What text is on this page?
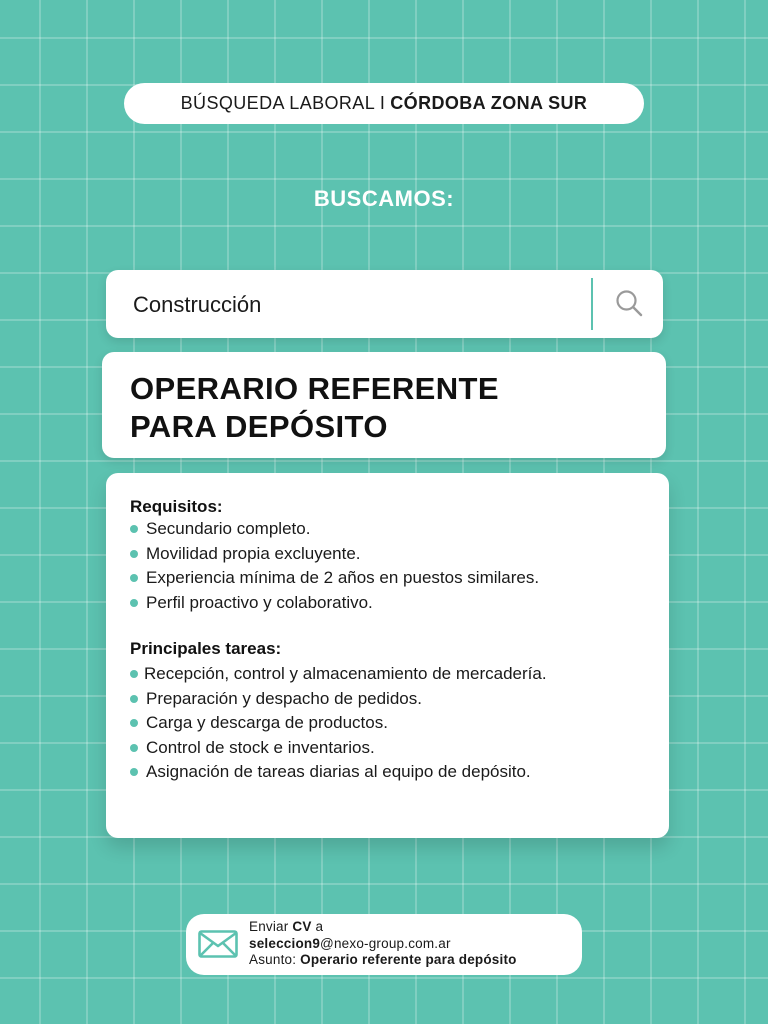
BÚSQUEDA LABORAL I CÓRDOBA ZONA SUR
BUSCAMOS:
Construcción
OPERARIO REFERENTE
PARA DEPÓSITO
Requisitos:
Secundario completo.
Movilidad propia excluyente.
Experiencia mínima de 2 años en puestos similares.
Perfil proactivo y colaborativo.
Principales tareas:
Recepción, control y almacenamiento de mercadería.
Preparación y despacho de pedidos.
Carga y descarga de productos.
Control de stock e inventarios.
Asignación de tareas diarias al equipo de depósito.
Enviar CV a
seleccion9@nexo-group.com.ar
Asunto: Operario referente para depósito
